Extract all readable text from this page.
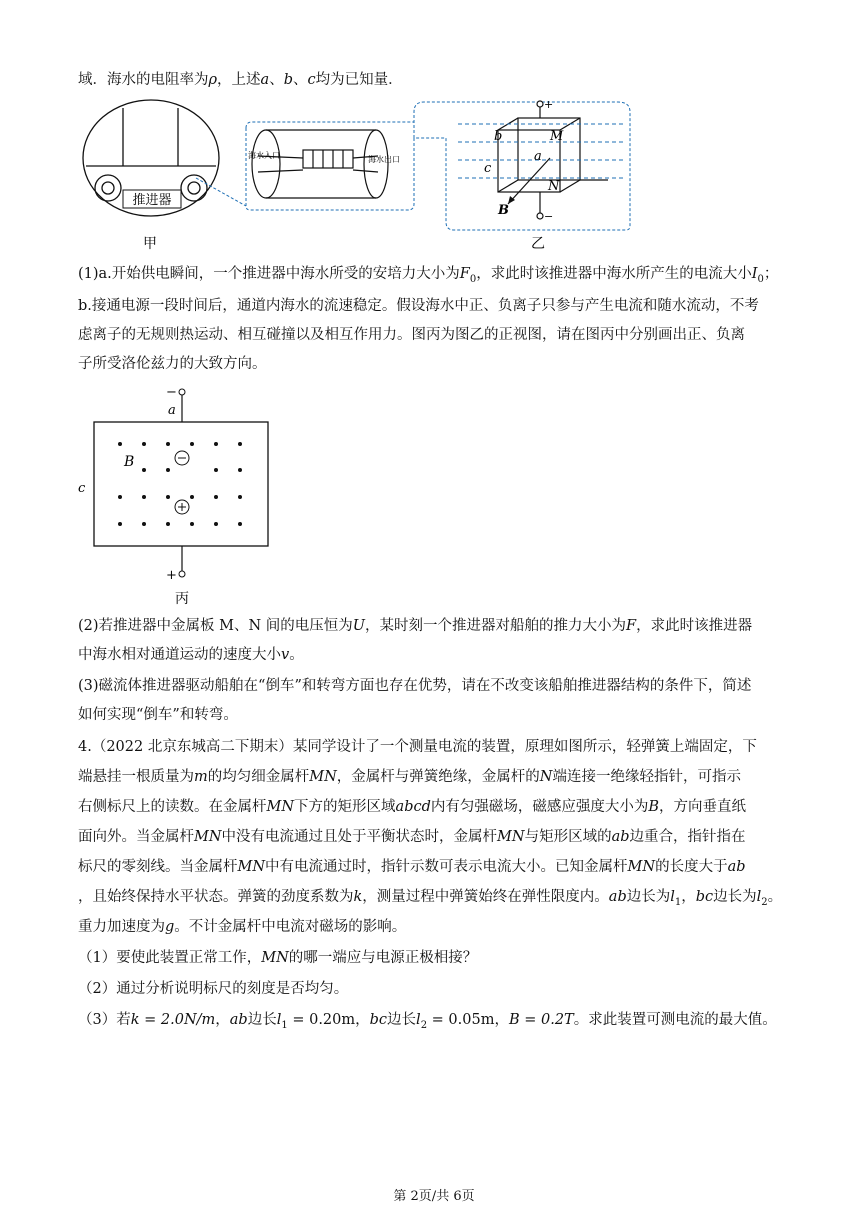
域．海水的电阻率为ρ，上述a、b、c均为已知量．
推进器
甲
海水入口	海水出口
b	M
a
c
N
B
+
−
乙
(1)a.开始供电瞬间，一个推进器中海水所受的安培力大小为$F_0$，求此时该推进器中海水所产生的电流大小$I_0$；
b.接通电源一段时间后，通道内海水的流速稳定。假设海水中正、负离子只参与产生电流和随水流动，不考
虑离子的无规则热运动、相互碰撞以及相互作用力。图丙为图乙的正视图，请在图丙中分别画出正、负离
子所受洛伦兹力的大致方向。
−
a
B
c
+
丙
(2)若推进器中金属板 M、N 间的电压恒为U，某时刻一个推进器对船舶的推力大小为F，求此时该推进器
中海水相对通道运动的速度大小v。
(3)磁流体推进器驱动船舶在“倒车”和转弯方面也存在优势，请在不改变该船舶推进器结构的条件下，简述
如何实现“倒车”和转弯。
4.（2022 北京东城高二下期末）某同学设计了一个测量电流的装置，原理如图所示，轻弹簧上端固定，下
端悬挂一根质量为m的均匀细金属杆MN，金属杆与弹簧绝缘，金属杆的N端连接一绝缘轻指针，可指示
右侧标尺上的读数。在金属杆MN下方的矩形区域abcd内有匀强磁场，磁感应强度大小为B，方向垂直纸
面向外。当金属杆MN中没有电流通过且处于平衡状态时，金属杆MN与矩形区域的ab边重合，指针指在
标尺的零刻线。当金属杆MN中有电流通过时，指针示数可表示电流大小。已知金属杆MN的长度大于ab
，且始终保持水平状态。弹簧的劲度系数为k，测量过程中弹簧始终在弹性限度内。ab边长为$l_1$，bc边长为$l_2$。
重力加速度为g。不计金属杆中电流对磁场的影响。
（1）要使此装置正常工作，MN的哪一端应与电源正极相接？
（2）通过分析说明标尺的刻度是否均匀。
（3）若k = 2.0N/m，ab边长$l_1 = 0.20m$，bc边长$l_2 = 0.05m$，B = 0.2T。求此装置可测电流的最大值。
第 2页/共 6页
